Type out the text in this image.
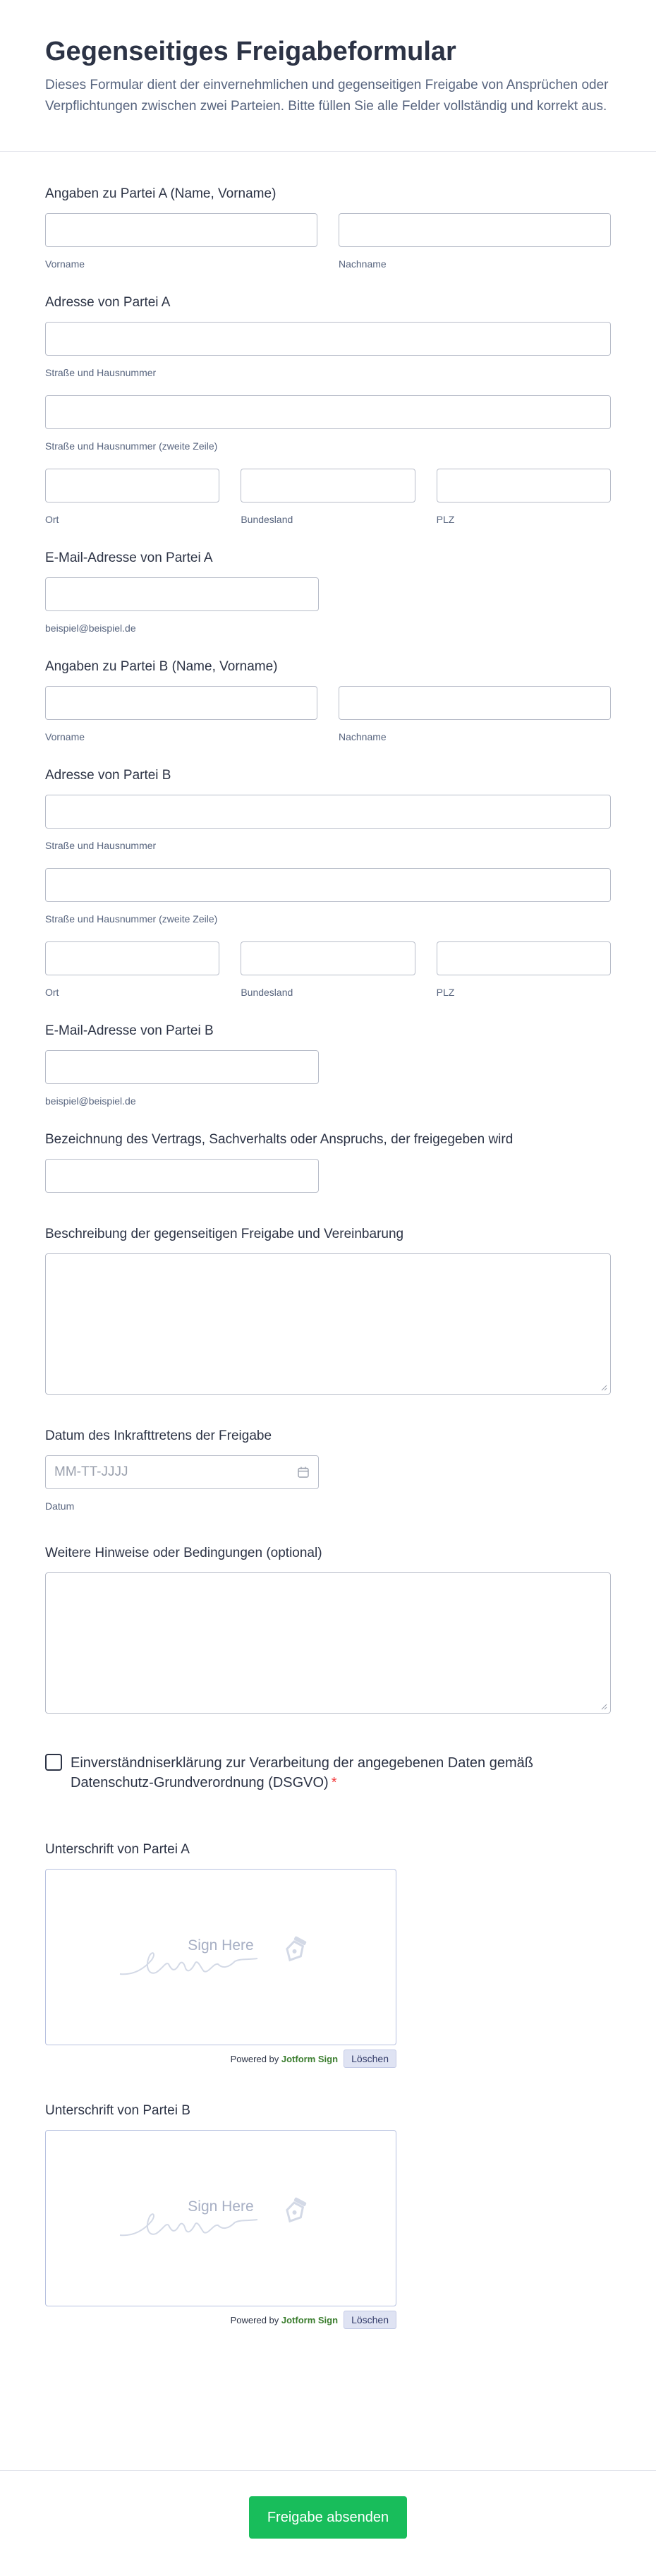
Gegenseitiges Freigabeformular

Dieses Formular dient der einvernehmlichen und gegenseitigen Freigabe von Ansprüchen oder Verpflichtungen zwischen zwei Parteien. Bitte füllen Sie alle Felder vollständig und korrekt aus.

Angaben zu Partei A (Name, Vorname)
Vorname	Nachname
Adresse von Partei A
Straße und Hausnummer
Straße und Hausnummer (zweite Zeile)
Ort	Bundesland	PLZ
E-Mail-Adresse von Partei A
beispiel@beispiel.de
Angaben zu Partei B (Name, Vorname)
Vorname	Nachname
Adresse von Partei B
Straße und Hausnummer
Straße und Hausnummer (zweite Zeile)
Ort	Bundesland	PLZ
E-Mail-Adresse von Partei B
beispiel@beispiel.de
Bezeichnung des Vertrags, Sachverhalts oder Anspruchs, der freigegeben wird
Beschreibung der gegenseitigen Freigabe und Vereinbarung
Datum des Inkrafttretens der Freigabe
MM-TT-JJJJ
Datum
Weitere Hinweise oder Bedingungen (optional)
Einverständniserklärung zur Verarbeitung der angegebenen Daten gemäß Datenschutz-Grundverordnung (DSGVO) *
Unterschrift von Partei A
Sign Here
Powered by Jotform Sign	Löschen
Unterschrift von Partei B
Sign Here
Powered by Jotform Sign	Löschen
Freigabe absenden
